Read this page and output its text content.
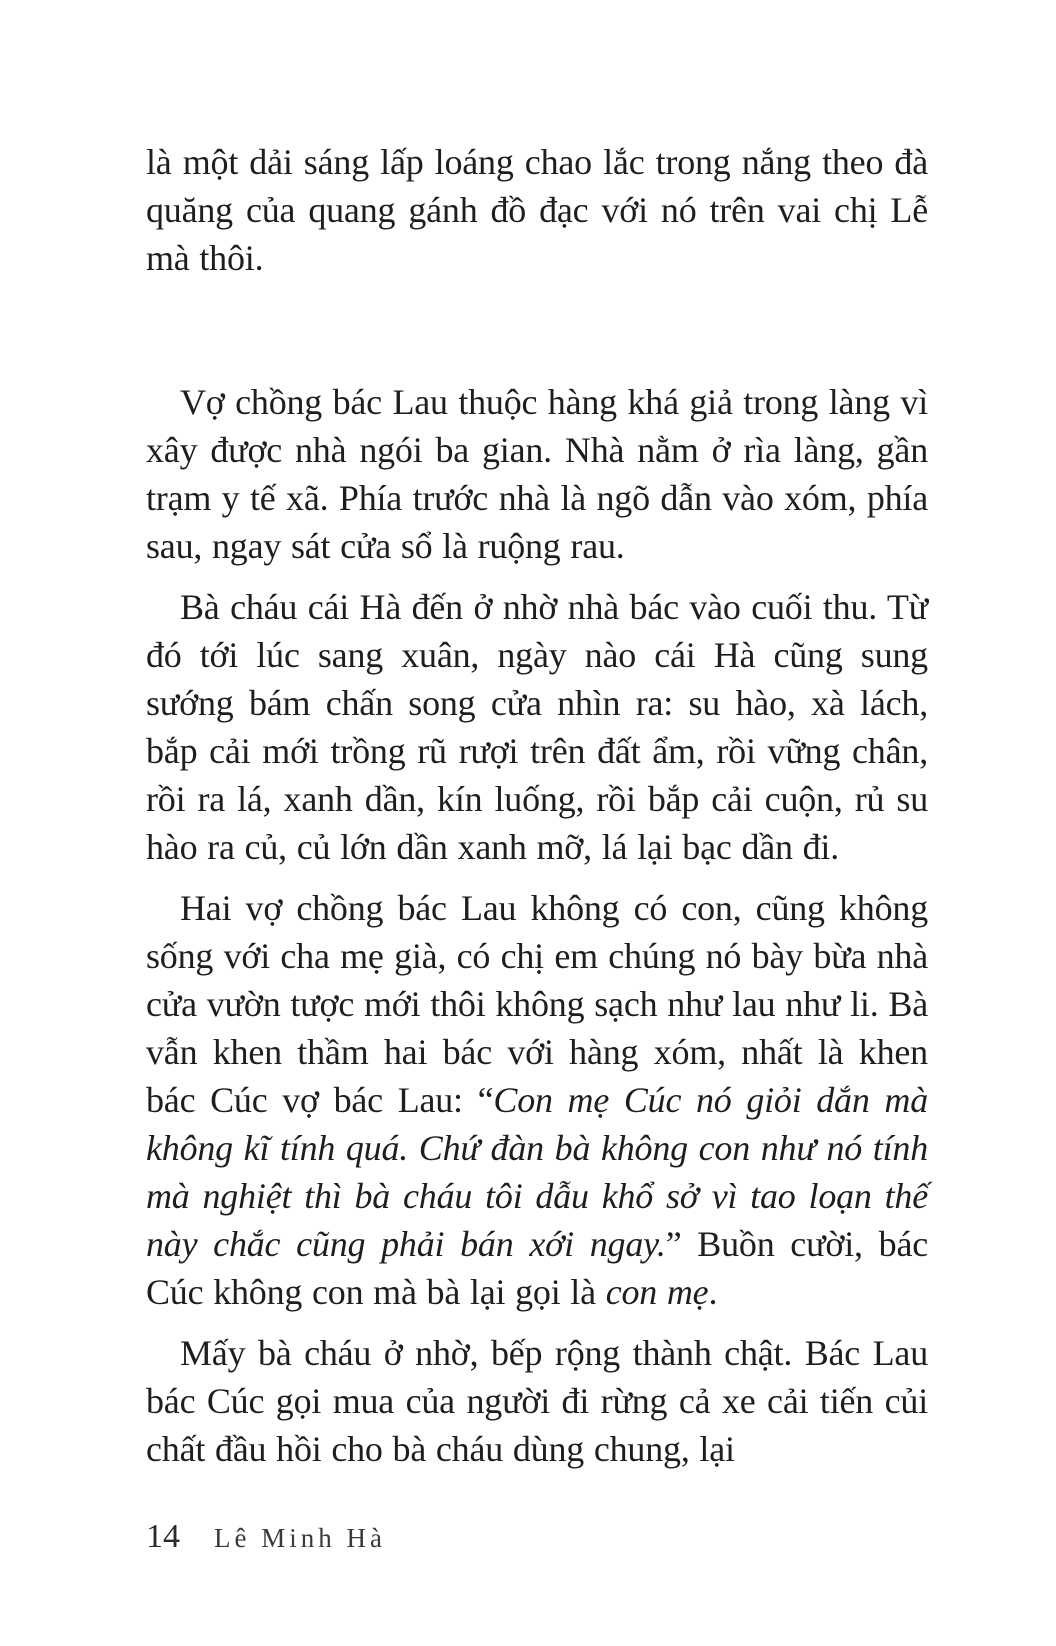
là một dải sáng lấp loáng chao lắc trong nắng theo đà quăng của quang gánh đồ đạc với nó trên vai chị Lễ mà thôi.

Vợ chồng bác Lau thuộc hàng khá giả trong làng vì xây được nhà ngói ba gian. Nhà nằm ở rìa làng, gần trạm y tế xã. Phía trước nhà là ngõ dẫn vào xóm, phía sau, ngay sát cửa sổ là ruộng rau.

Bà cháu cái Hà đến ở nhờ nhà bác vào cuối thu. Từ đó tới lúc sang xuân, ngày nào cái Hà cũng sung sướng bám chấn song cửa nhìn ra: su hào, xà lách, bắp cải mới trồng rũ rượi trên đất ẩm, rồi vững chân, rồi ra lá, xanh dần, kín luống, rồi bắp cải cuộn, rủ su hào ra củ, củ lớn dần xanh mỡ, lá lại bạc dần đi.

Hai vợ chồng bác Lau không có con, cũng không sống với cha mẹ già, có chị em chúng nó bày bừa nhà cửa vườn tược mới thôi không sạch như lau như li. Bà vẫn khen thầm hai bác với hàng xóm, nhất là khen bác Cúc vợ bác Lau: “Con mẹ Cúc nó giỏi dắn mà không kĩ tính quá. Chứ đàn bà không con như nó tính mà nghiệt thì bà cháu tôi dẫu khổ sở vì tao loạn thế này chắc cũng phải bán xới ngay.” Buồn cười, bác Cúc không con mà bà lại gọi là con mẹ.

Mấy bà cháu ở nhờ, bếp rộng thành chật. Bác Lau bác Cúc gọi mua của người đi rừng cả xe cải tiến củi chất đầu hồi cho bà cháu dùng chung, lại

14 Lê Minh Hà
